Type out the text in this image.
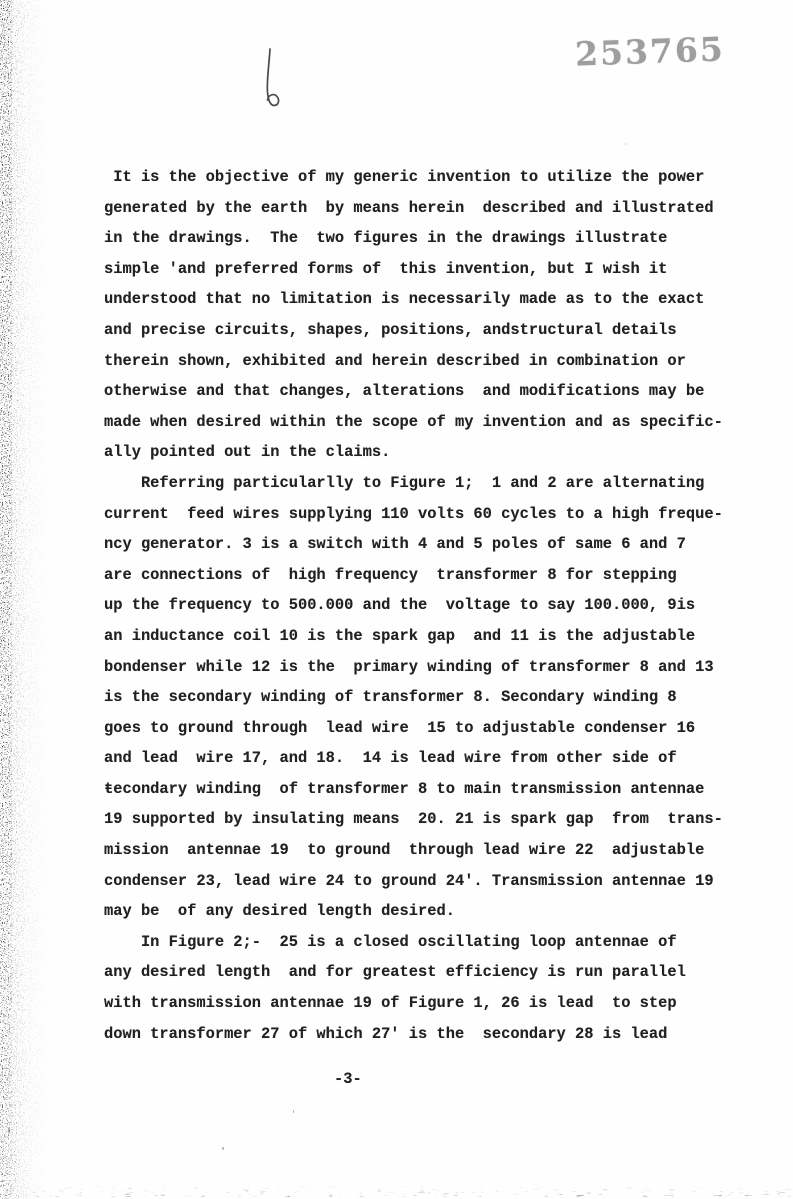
253765
It is the objective of my generic invention to utilize the power
generated by the earth  by means herein  described and illustrated
in the drawings.  The  two figures in the drawings illustrate
simple 'and preferred forms of  this invention, but I wish it
understood that no limitation is necessarily made as to the exact
and precise circuits, shapes, positions, andstructural details
therein shown, exhibited and herein described in combination or
otherwise and that changes, alterations  and modifications may be
made when desired within the scope of my invention and as specific-
ally pointed out in the claims.
Referring particularlly to Figure 1;  1 and 2 are alternating
current  feed wires supplying 110 volts 60 cycles to a high freque-
ncy generator. 3 is a switch with 4 and 5 poles of same 6 and 7
are connections of  high frequency  transformer 8 for stepping
up the frequency to 500.000 and the  voltage to say 100.000, 9is
an inductance coil 10 is the spark gap  and 11 is the adjustable
bondenser while 12 is the  primary winding of transformer 8 and 13
is the secondary winding of transformer 8. Secondary winding 8
goes to ground through  lead wire  15 to adjustable condenser 16
and lead  wire 17, and 18.  14 is lead wire from other side of
ŧecondary winding  of transformer 8 to main transmission antennae
19 supported by insulating means  20. 21 is spark gap  from  trans-
mission  antennae 19  to ground  through lead wire 22  adjustable
condenser 23, lead wire 24 to ground 24'. Transmission antennae 19
may be  of any desired length desired.
In Figure 2;-  25 is a closed oscillating loop antennae of
any desired length  and for greatest efficiency is run parallel
with transmission antennae 19 of Figure 1, 26 is lead  to step
down transformer 27 of which 27' is the  secondary 28 is lead
-3-
